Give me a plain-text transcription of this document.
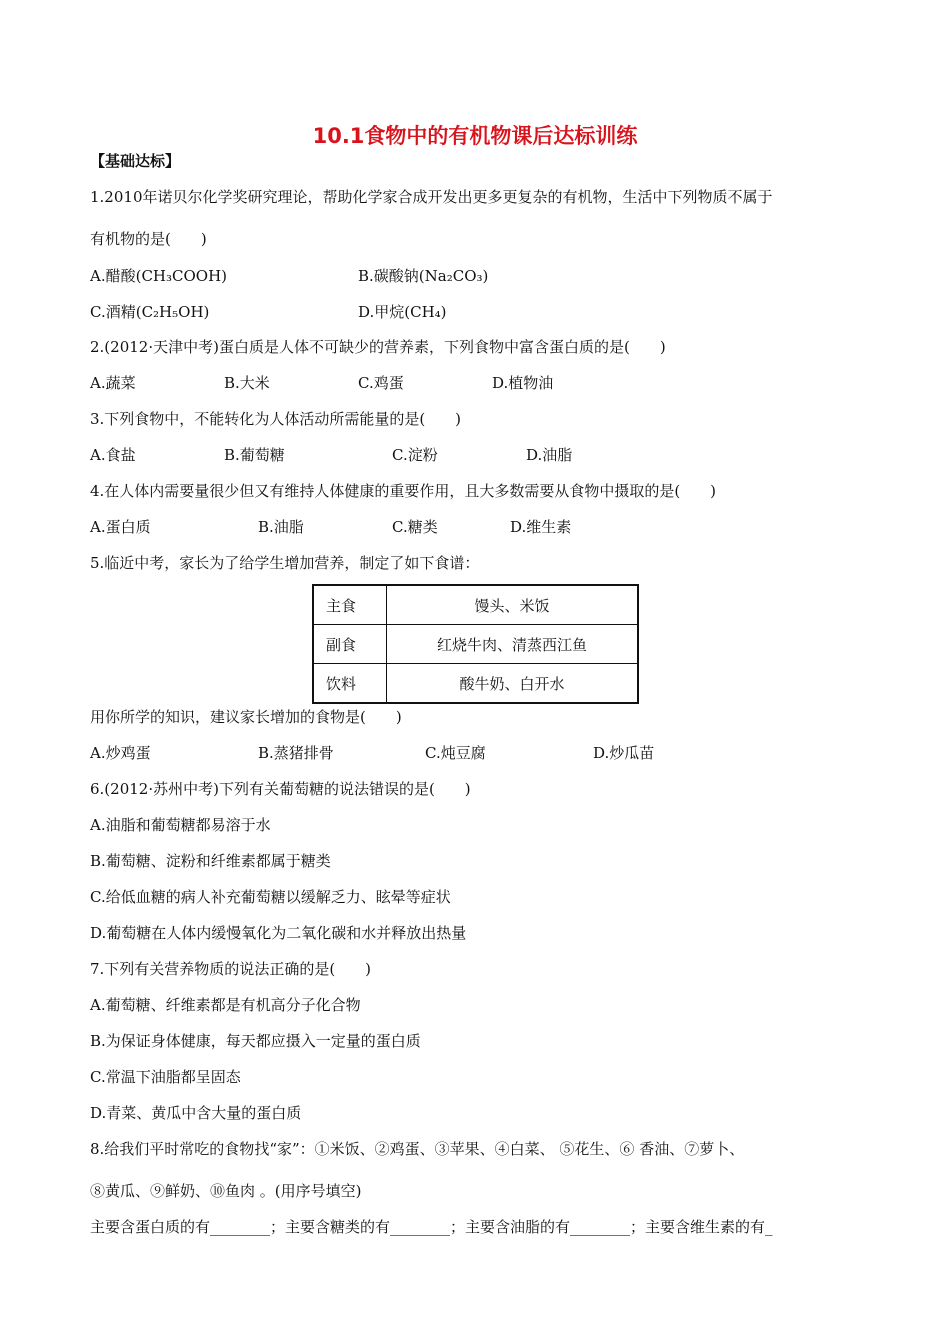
10.1食物中的有机物课后达标训练
【基础达标】
1.2010年诺贝尔化学奖研究理论，帮助化学家合成开发出更多更复杂的有机物，生活中下列物质不属于
有机物的是(　　)
A.醋酸(CH₃COOH)	B.碳酸钠(Na₂CO₃)
C.酒精(C₂H₅OH)	D.甲烷(CH₄)
2.(2012·天津中考)蛋白质是人体不可缺少的营养素，下列食物中富含蛋白质的是(　　)
A.蔬菜	B.大米	C.鸡蛋	D.植物油
3.下列食物中，不能转化为人体活动所需能量的是(　　)
A.食盐	B.葡萄糖	C.淀粉	D.油脂
4.在人体内需要量很少但又有维持人体健康的重要作用，且大多数需要从食物中摄取的是(　　)
A.蛋白质	B.油脂	C.糖类	D.维生素
5.临近中考，家长为了给学生增加营养，制定了如下食谱：
主食	馒头、米饭
副食	红烧牛肉、清蒸西江鱼
饮料	酸牛奶、白开水
用你所学的知识，建议家长增加的食物是(　　)
A.炒鸡蛋	B.蒸猪排骨	C.炖豆腐	D.炒瓜苗
6.(2012·苏州中考)下列有关葡萄糖的说法错误的是(　　)
A.油脂和葡萄糖都易溶于水
B.葡萄糖、淀粉和纤维素都属于糖类
C.给低血糖的病人补充葡萄糖以缓解乏力、眩晕等症状
D.葡萄糖在人体内缓慢氧化为二氧化碳和水并释放出热量
7.下列有关营养物质的说法正确的是(　　)
A.葡萄糖、纤维素都是有机高分子化合物
B.为保证身体健康，每天都应摄入一定量的蛋白质
C.常温下油脂都呈固态
D.青菜、黄瓜中含大量的蛋白质
8.给我们平时常吃的食物找“家”：①米饭、②鸡蛋、③苹果、④白菜、 ⑤花生、⑥ 香油、⑦萝卜、
⑧黄瓜、⑨鲜奶、⑩鱼肉 。(用序号填空)
主要含蛋白质的有________；主要含糖类的有________；主要含油脂的有________；主要含维生素的有_
